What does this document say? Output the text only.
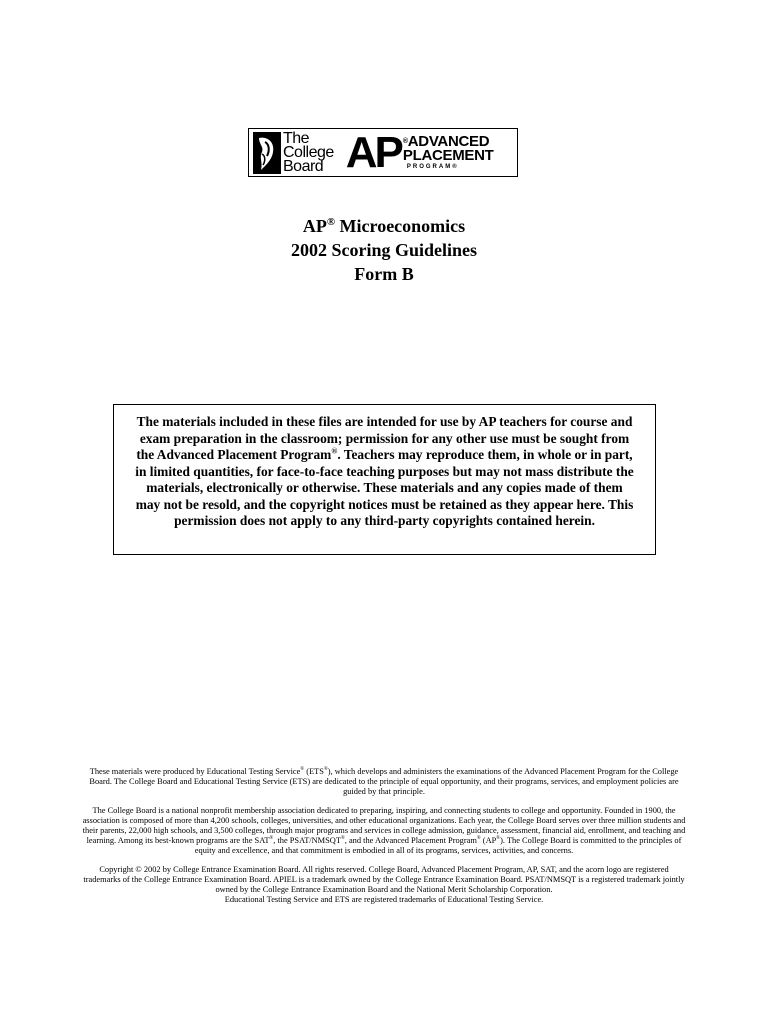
The
College
Board AP ®ADVANCED
PLACEMENT
PROGRAM®
AP® Microeconomics
2002 Scoring Guidelines
Form B
The materials included in these files are intended for use by AP teachers for course and exam preparation in the classroom; permission for any other use must be sought from the Advanced Placement Program®. Teachers may reproduce them, in whole or in part, in limited quantities, for face-to-face teaching purposes but may not mass distribute the materials, electronically or otherwise. These materials and any copies made of them may not be resold, and the copyright notices must be retained as they appear here. This permission does not apply to any third-party copyrights contained herein.

These materials were produced by Educational Testing Service® (ETS®), which develops and administers the examinations of the Advanced Placement Program for the College Board. The College Board and Educational Testing Service (ETS) are dedicated to the principle of equal opportunity, and their programs, services, and employment policies are guided by that principle.

The College Board is a national nonprofit membership association dedicated to preparing, inspiring, and connecting students to college and opportunity. Founded in 1900, the association is composed of more than 4,200 schools, colleges, universities, and other educational organizations. Each year, the College Board serves over three million students and their parents, 22,000 high schools, and 3,500 colleges, through major programs and services in college admission, guidance, assessment, financial aid, enrollment, and teaching and learning. Among its best-known programs are the SAT®, the PSAT/NMSQT®, and the Advanced Placement Program® (AP®). The College Board is committed to the principles of equity and excellence, and that commitment is embodied in all of its programs, services, activities, and concerns.

Copyright © 2002 by College Entrance Examination Board. All rights reserved. College Board, Advanced Placement Program, AP, SAT, and the acorn logo are registered trademarks of the College Entrance Examination Board. APIEL is a trademark owned by the College Entrance Examination Board. PSAT/NMSQT is a registered trademark jointly owned by the College Entrance Examination Board and the National Merit Scholarship Corporation.
Educational Testing Service and ETS are registered trademarks of Educational Testing Service.
